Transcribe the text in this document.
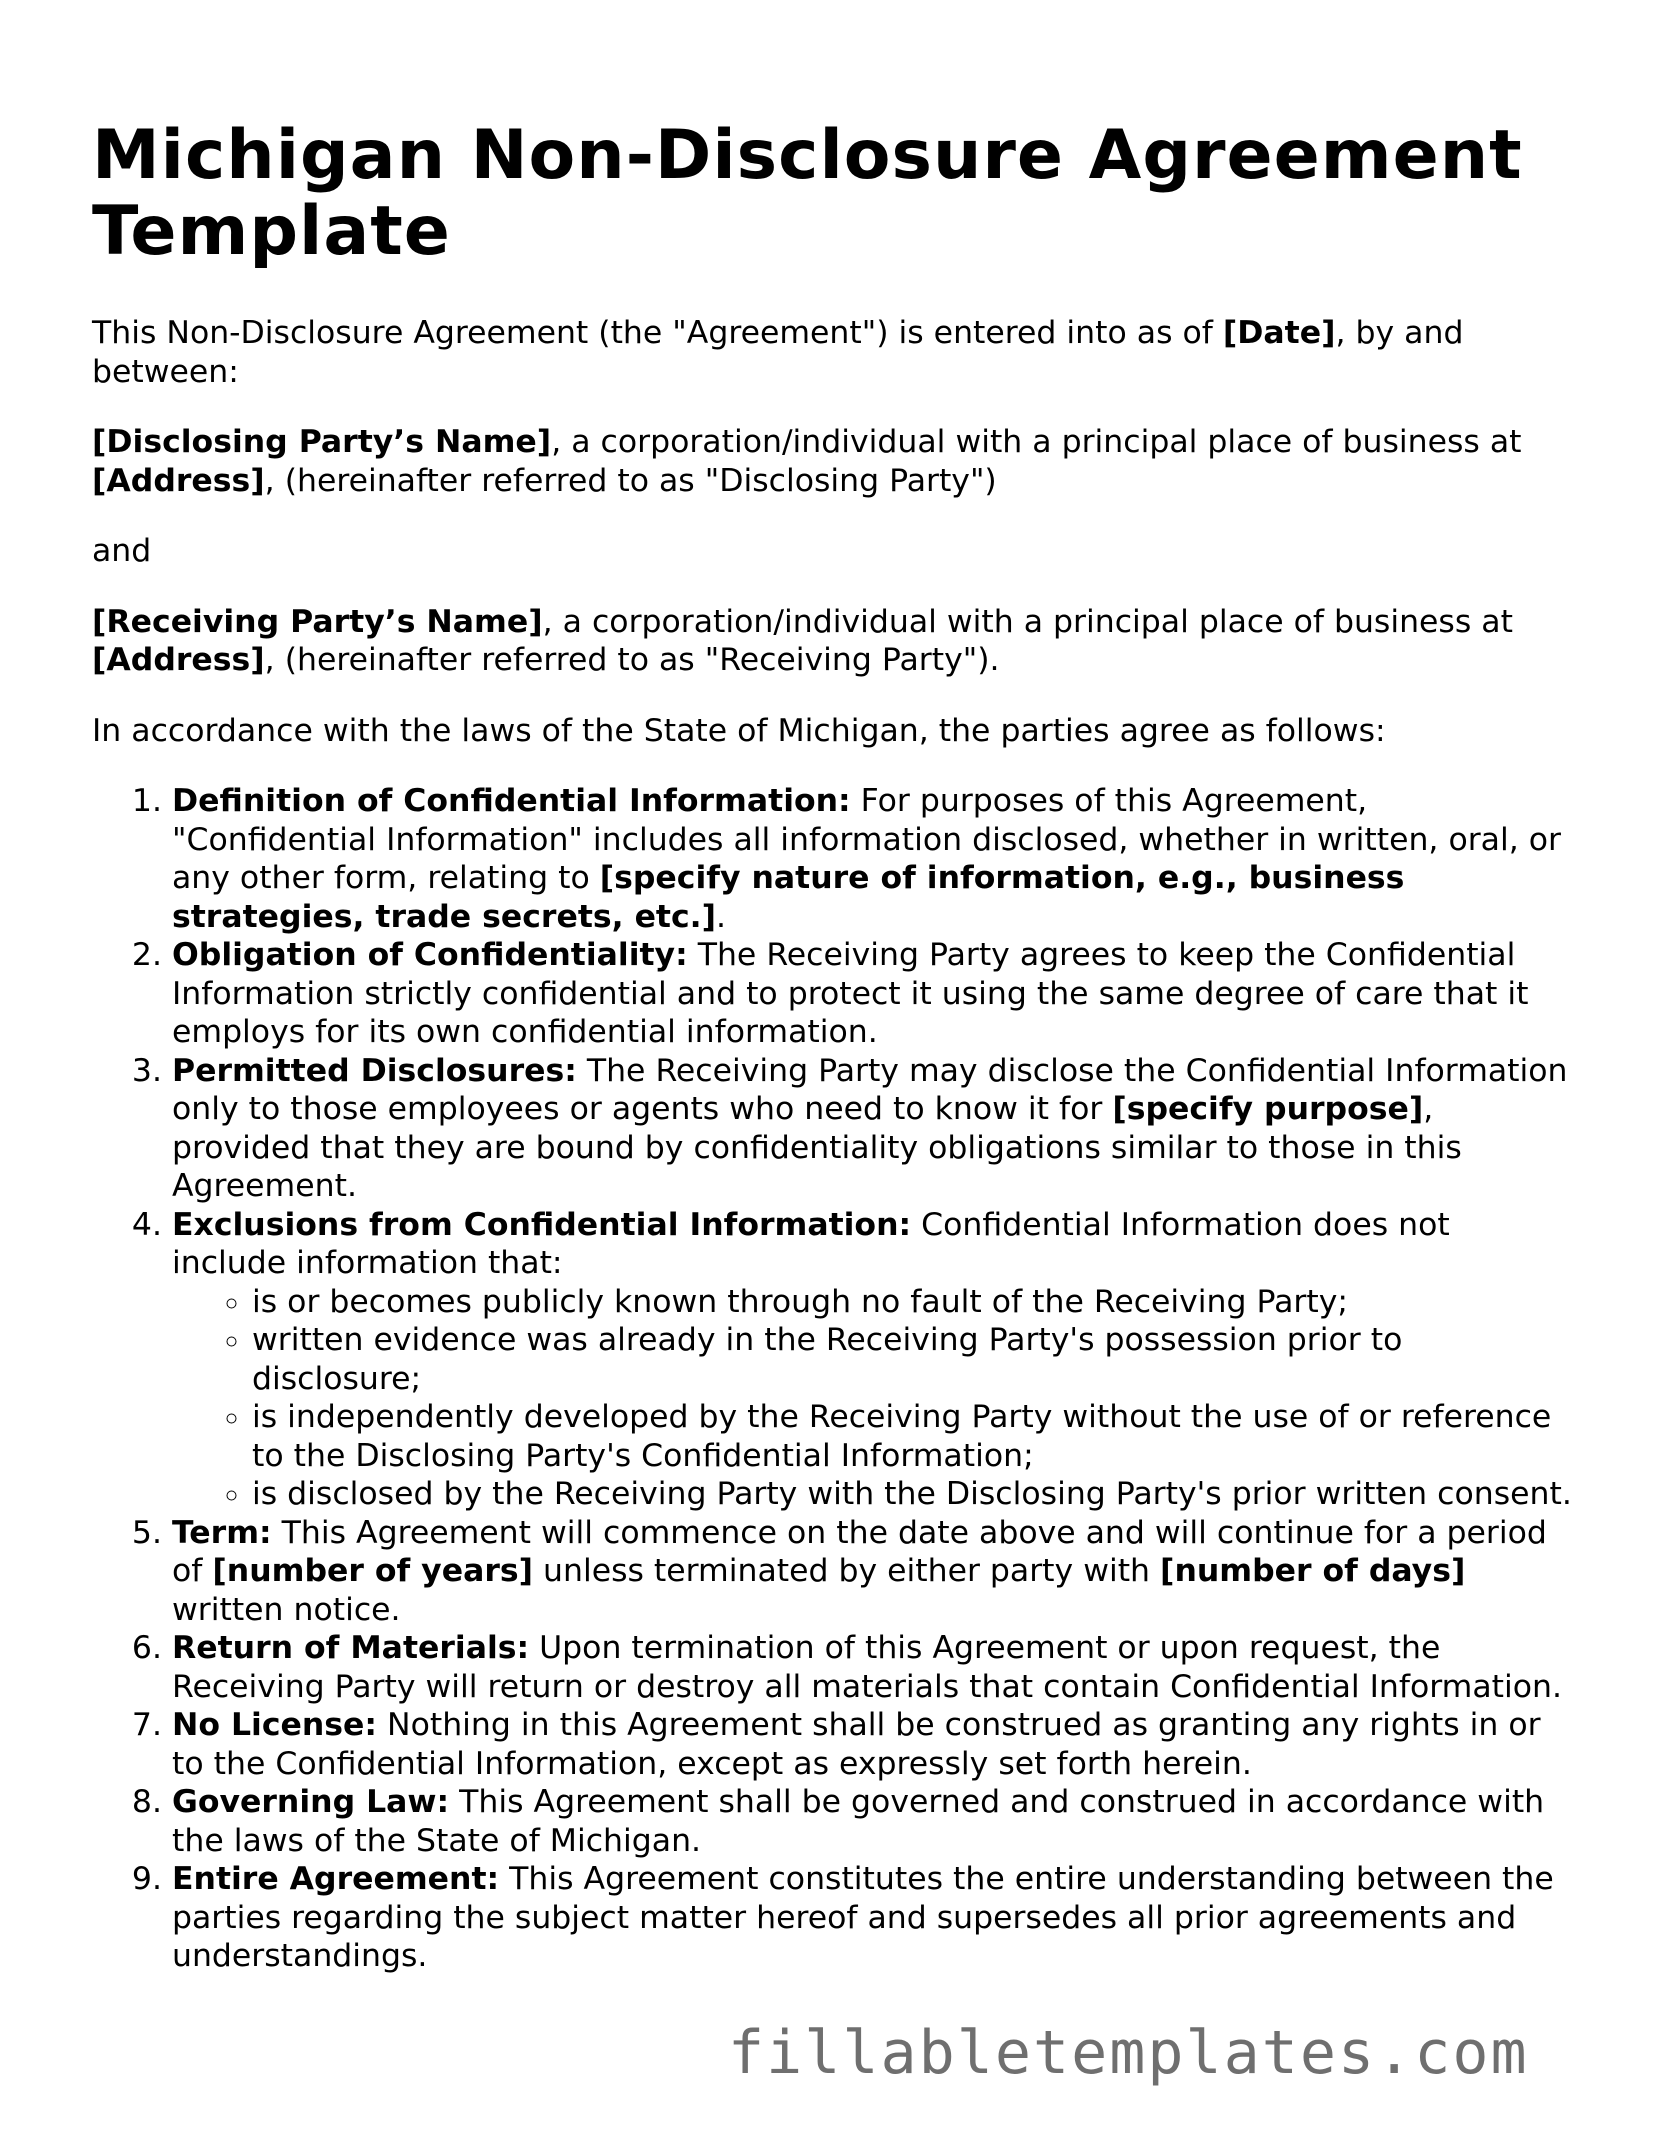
Michigan Non-Disclosure Agreement Template

This Non-Disclosure Agreement (the "Agreement") is entered into as of [Date], by and between:

[Disclosing Party’s Name], a corporation/individual with a principal place of business at [Address], (hereinafter referred to as "Disclosing Party")

and

[Receiving Party’s Name], a corporation/individual with a principal place of business at [Address], (hereinafter referred to as "Receiving Party").

In accordance with the laws of the State of Michigan, the parties agree as follows:

1. Definition of Confidential Information: For purposes of this Agreement, "Confidential Information" includes all information disclosed, whether in written, oral, or any other form, relating to [specify nature of information, e.g., business strategies, trade secrets, etc.].
2. Obligation of Confidentiality: The Receiving Party agrees to keep the Confidential Information strictly confidential and to protect it using the same degree of care that it employs for its own confidential information.
3. Permitted Disclosures: The Receiving Party may disclose the Confidential Information only to those employees or agents who need to know it for [specify purpose], provided that they are bound by confidentiality obligations similar to those in this Agreement.
4. Exclusions from Confidential Information: Confidential Information does not include information that:
◦ is or becomes publicly known through no fault of the Receiving Party;
◦ written evidence was already in the Receiving Party's possession prior to disclosure;
◦ is independently developed by the Receiving Party without the use of or reference to the Disclosing Party's Confidential Information;
◦ is disclosed by the Receiving Party with the Disclosing Party's prior written consent.
5. Term: This Agreement will commence on the date above and will continue for a period of [number of years] unless terminated by either party with [number of days] written notice.
6. Return of Materials: Upon termination of this Agreement or upon request, the Receiving Party will return or destroy all materials that contain Confidential Information.
7. No License: Nothing in this Agreement shall be construed as granting any rights in or to the Confidential Information, except as expressly set forth herein.
8. Governing Law: This Agreement shall be governed and construed in accordance with the laws of the State of Michigan.
9. Entire Agreement: This Agreement constitutes the entire understanding between the parties regarding the subject matter hereof and supersedes all prior agreements and understandings.
fillabletemplates.com
